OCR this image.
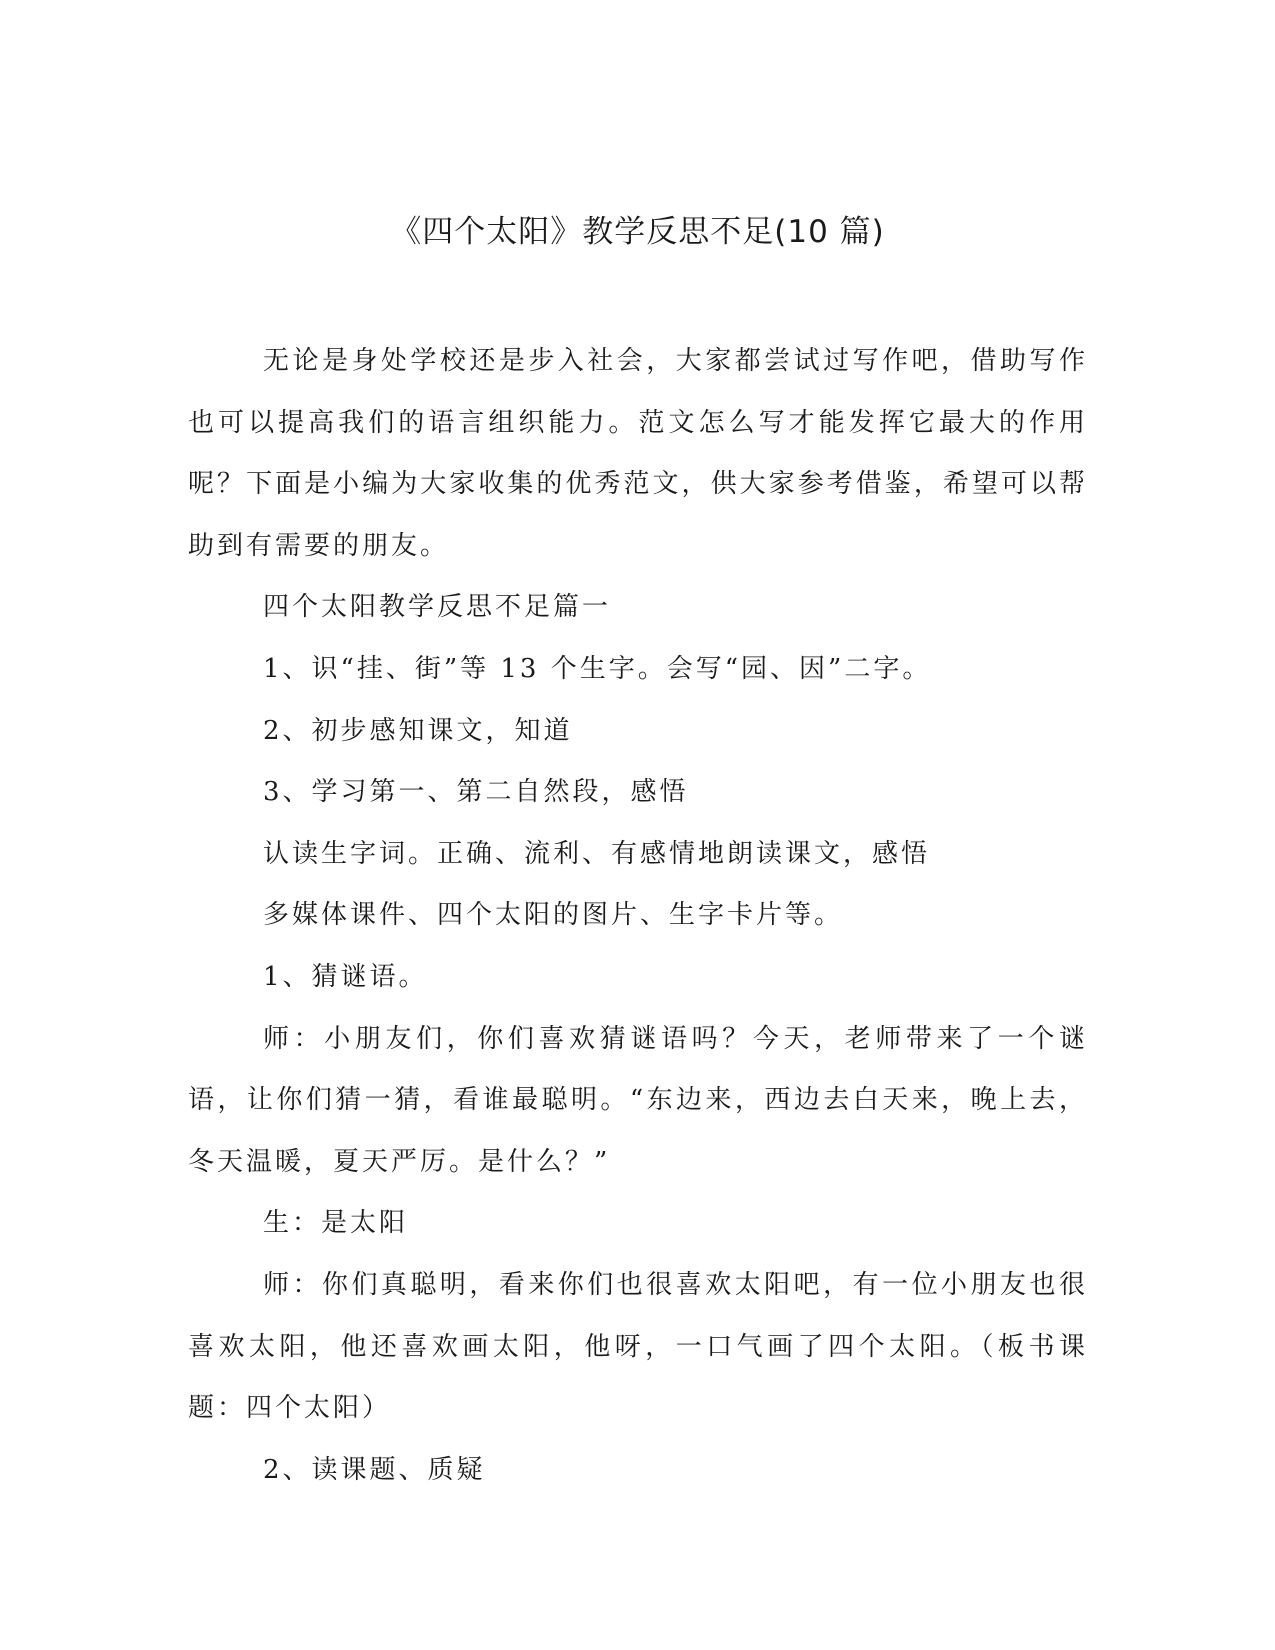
《四个太阳》教学反思不足(10 篇)

无论是身处学校还是步入社会，大家都尝试过写作吧，借助写作也可以提高我们的语言组织能力。范文怎么写才能发挥它最大的作用呢？下面是小编为大家收集的优秀范文，供大家参考借鉴，希望可以帮助到有需要的朋友。

四个太阳教学反思不足篇一

1、识“挂、街”等 13 个生字。会写“园、因”二字。

2、初步感知课文，知道

3、学习第一、第二自然段，感悟

认读生字词。正确、流利、有感情地朗读课文，感悟

多媒体课件、四个太阳的图片、生字卡片等。

1、猜谜语。

师：小朋友们，你们喜欢猜谜语吗？今天，老师带来了一个谜语，让你们猜一猜，看谁最聪明。“东边来，西边去白天来，晚上去，冬天温暖，夏天严厉。是什么？”

生：是太阳

师：你们真聪明，看来你们也很喜欢太阳吧，有一位小朋友也很喜欢太阳，他还喜欢画太阳，他呀，一口气画了四个太阳。（板书课题：四个太阳）

2、读课题、质疑
